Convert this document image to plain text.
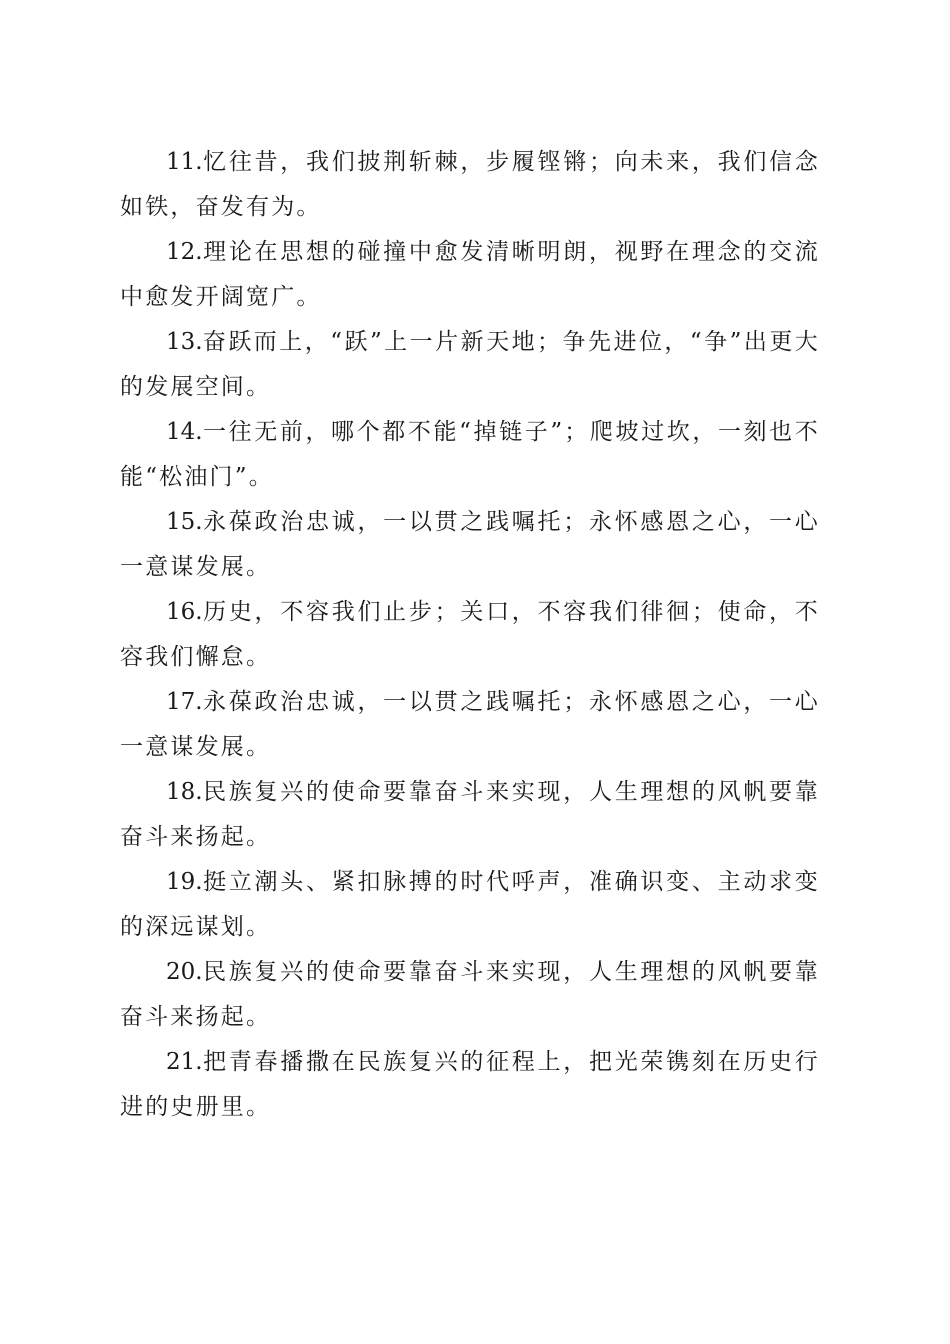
11.忆往昔，我们披荆斩棘，步履铿锵；向未来，我们信念如铁，奋发有为。

12.理论在思想的碰撞中愈发清晰明朗，视野在理念的交流中愈发开阔宽广。

13.奋跃而上，“跃”上一片新天地；争先进位，“争”出更大的发展空间。

14.一往无前，哪个都不能“掉链子”；爬坡过坎，一刻也不能“松油门”。

15.永葆政治忠诚，一以贯之践嘱托；永怀感恩之心，一心一意谋发展。

16.历史，不容我们止步；关口，不容我们徘徊；使命，不容我们懈怠。

17.永葆政治忠诚，一以贯之践嘱托；永怀感恩之心，一心一意谋发展。

18.民族复兴的使命要靠奋斗来实现，人生理想的风帆要靠奋斗来扬起。

19.挺立潮头、紧扣脉搏的时代呼声，准确识变、主动求变的深远谋划。

20.民族复兴的使命要靠奋斗来实现，人生理想的风帆要靠奋斗来扬起。

21.把青春播撒在民族复兴的征程上，把光荣镌刻在历史行进的史册里。
